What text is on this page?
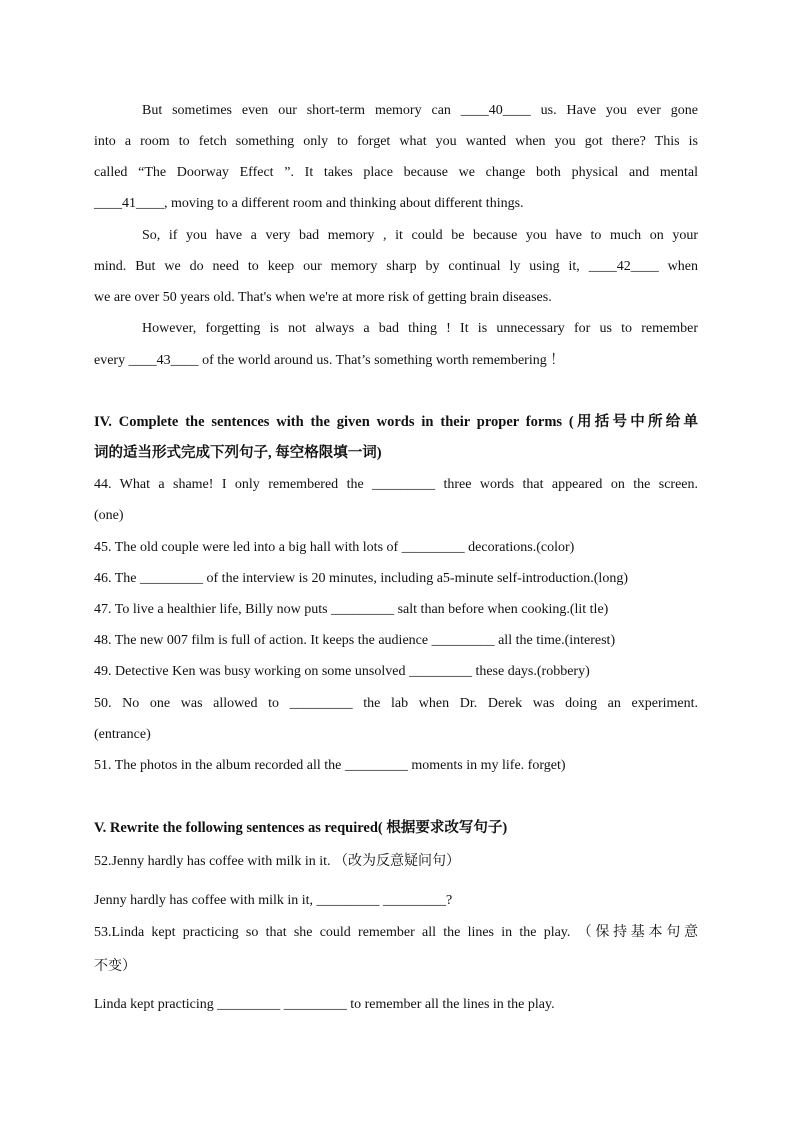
But sometimes even our short-term memory can ____40____ us. Have you ever gone
into a room to fetch something only to forget what you wanted when you got there? This is
called “The Doorway Effect ”. It takes place because we change both physical and mental
____41____, moving to a different room and thinking about different things.
So, if you have a very bad memory , it could be because you have to much on your
mind. But we do need to keep our memory sharp by continual ly using it, ____42____ when
we are over 50 years old. That's when we're at more risk of getting brain diseases.
However, forgetting is not always a bad thing ! It is unnecessary for us to remember
every ____43____ of the world around us. That’s something worth remembering ！
IV. Complete the sentences with the given words in their proper forms (用括号中所给单
词的适当形式完成下列句子, 每空格限填一词)
44. What a shame! I only remembered the _________ three words that appeared on the screen.
(one)
45. The old couple were led into a big hall with lots of _________ decorations.(color)
46. The _________ of the interview is 20 minutes, including a5-minute self-introduction.(long)
47. To live a healthier life, Billy now puts _________ salt than before when cooking.(lit tle)
48. The new 007 film is full of action. It keeps the audience _________ all the time.(interest)
49. Detective Ken was busy working on some unsolved _________ these days.(robbery)
50. No one was allowed to _________ the lab when Dr. Derek was doing an experiment.
(entrance)
51. The photos in the album recorded all the _________ moments in my life. forget)
V. Rewrite the following sentences as required( 根据要求改写句子)
52.Jenny hardly has coffee with milk in it. （改为反意疑问句）
Jenny hardly has coffee with milk in it, _________ _________?
53.Linda kept practicing so that she could remember all the lines in the play. （保持基本句意
不变）
Linda kept practicing _________ _________ to remember all the lines in the play.
